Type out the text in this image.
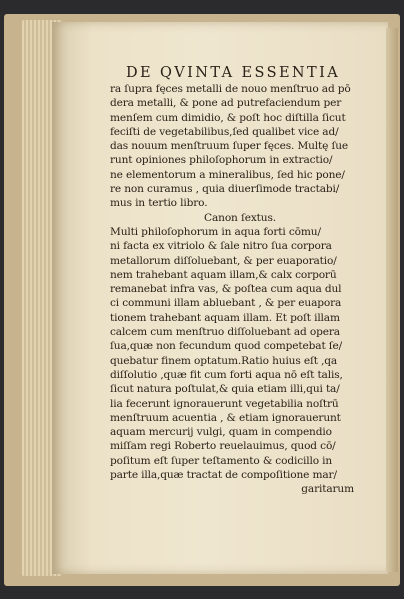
DE QVINTA ESSENTIA
ra ſupra fęces metalli de nouo menſtruo ad pō
dera metalli, & pone ad putrefaciendum per
menſem cum dimidio, & poſt hoc diſtilla ſicut
feciſti de vegetabilibus,ſed qualibet vice ad/
das nouum menſtruum ſuper fęces. Multę ſue
runt opiniones philoſophorum in extractio/
ne elementorum a mineralibus, ſed hic pone/
re non curamus , quia diuerſimode tractabi/
mus in tertio libro.
Canon ſextus.
Multi philoſophorum in aqua forti cōmu/
ni facta ex vitriolo & ſale nitro ſua corpora
metallorum diſſoluebant, & per euaporatio/
nem trahebant aquam illam,& calx corporū
remanebat infra vas, & poſtea cum aqua dul
ci communi illam abluebant , & per euapora
tionem trahebant aquam illam. Et poſt illam
calcem cum menſtruo diſſoluebant ad opera
ſua,quæ non fecundum quod competebat ſe/
quebatur finem optatum.Ratio huius eſt ,qa
diſſolutio ,quæ fit cum forti aqua nō eſt talis,
ſicut natura poſtulat,& quia etiam illi,qui ta/
lia fecerunt ignorauerunt vegetabilia noſtrū
menſtruum acuentia , & etiam ignorauerunt
aquam mercurij vulgi, quam in compendio
miſſam regi Roberto reuelauimus, quod cō/
poſitum eſt ſuper teſtamento & codicillo in
parte illa,quæ tractat de compoſitione mar/
garitarum
